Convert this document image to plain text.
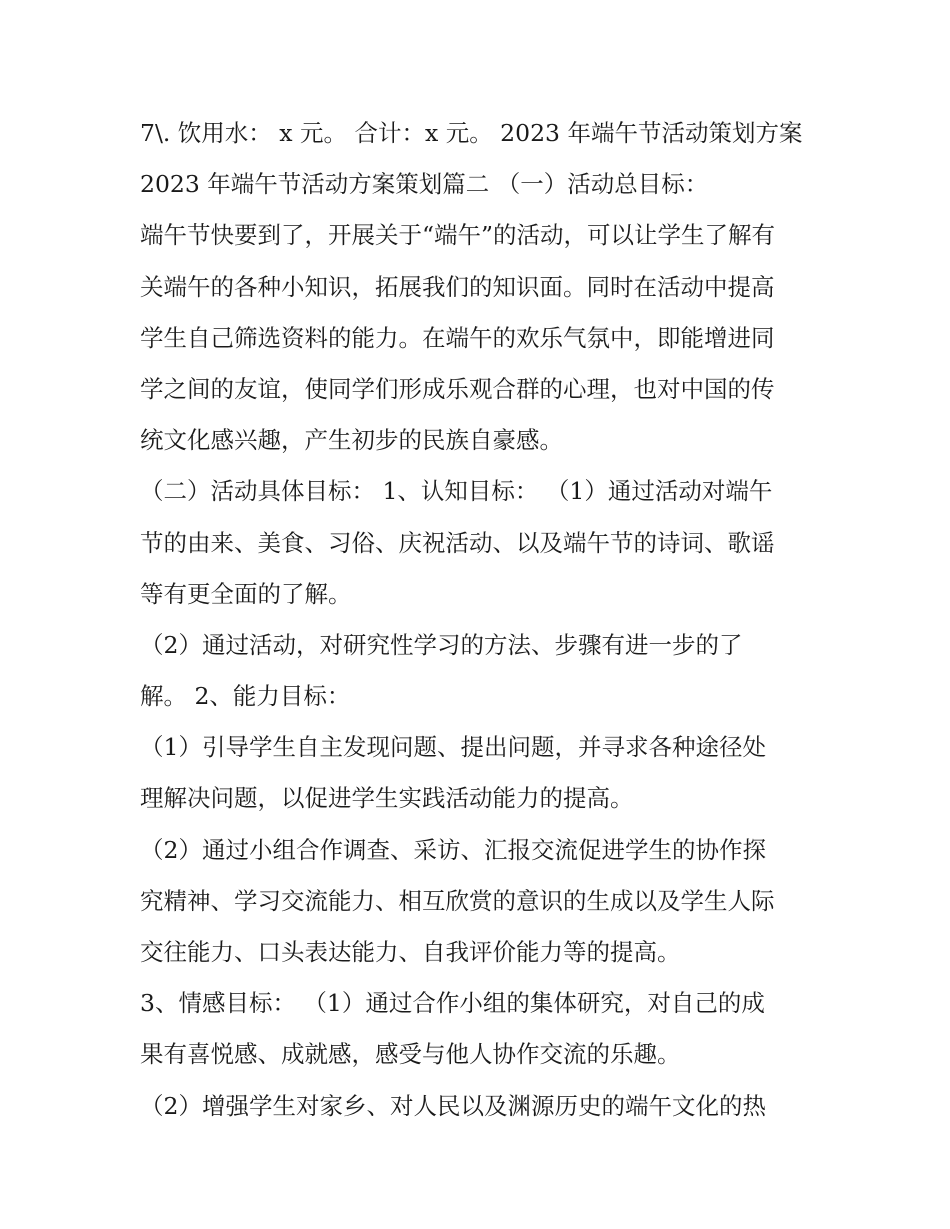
7\. 饮用水： x 元。 合计：x 元。 2023 年端午节活动策划方案
2023 年端午节活动方案策划篇二 （一）活动总目标：
端午节快要到了，开展关于“端午”的活动，可以让学生了解有
关端午的各种小知识，拓展我们的知识面。同时在活动中提高
学生自己筛选资料的能力。在端午的欢乐气氛中，即能增进同
学之间的友谊，使同学们形成乐观合群的心理，也对中国的传
统文化感兴趣，产生初步的民族自豪感。
（二）活动具体目标： 1、认知目标： （1）通过活动对端午
节的由来、美食、习俗、庆祝活动、以及端午节的诗词、歌谣
等有更全面的了解。
（2）通过活动，对研究性学习的方法、步骤有进一步的了
解。 2、能力目标：
（1）引导学生自主发现问题、提出问题，并寻求各种途径处
理解决问题，以促进学生实践活动能力的提高。
（2）通过小组合作调查、采访、汇报交流促进学生的协作探
究精神、学习交流能力、相互欣赏的意识的生成以及学生人际
交往能力、口头表达能力、自我评价能力等的提高。
3、情感目标： （1）通过合作小组的集体研究，对自己的成
果有喜悦感、成就感，感受与他人协作交流的乐趣。
（2）增强学生对家乡、对人民以及渊源历史的端午文化的热
